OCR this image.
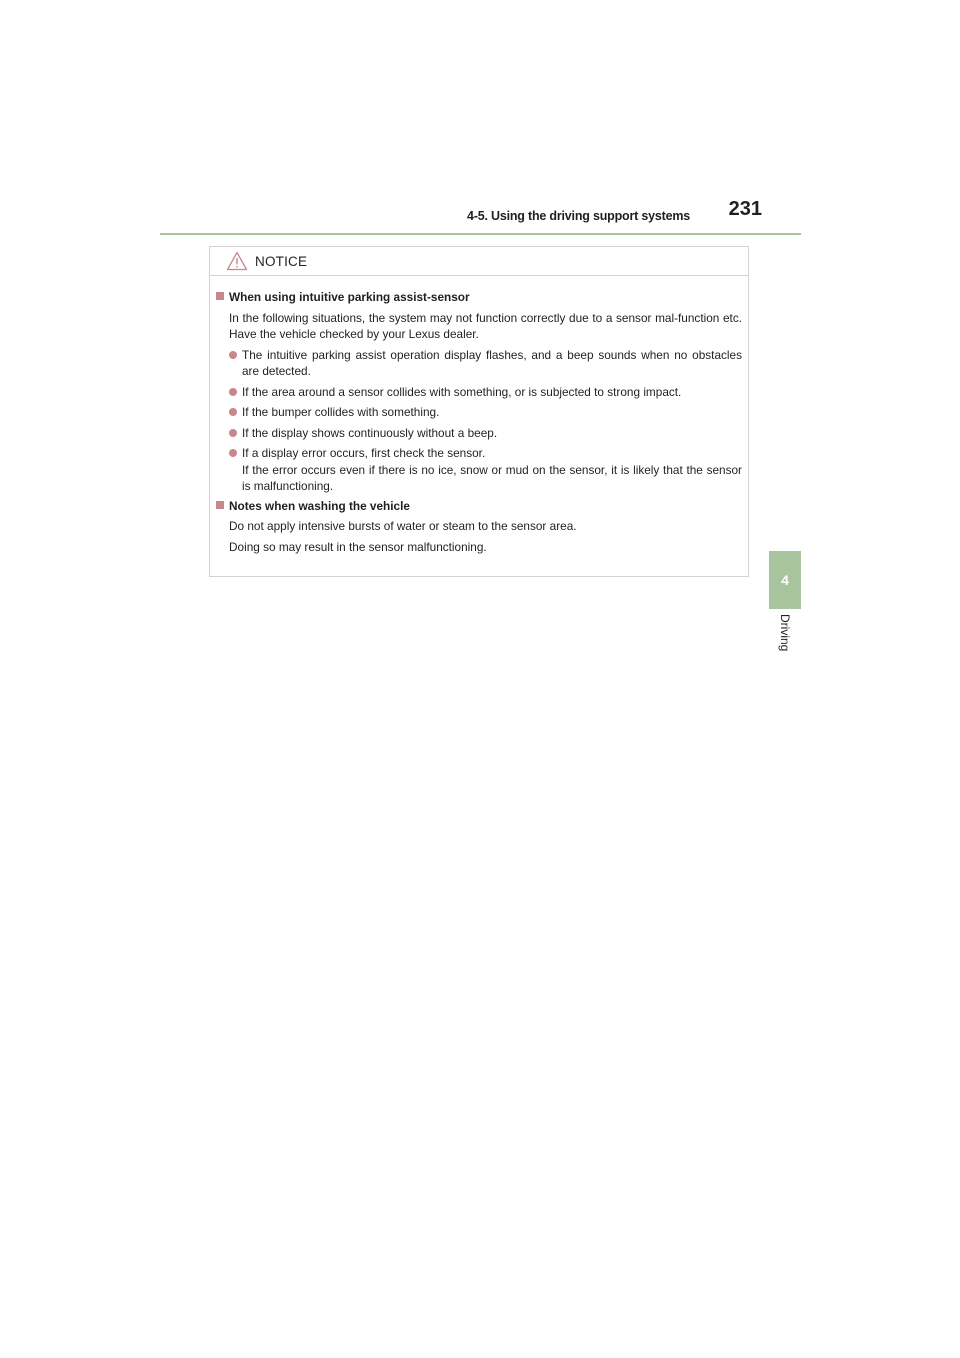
4-5. Using the driving support systems	231
4
Driving
NOTICE
When using intuitive parking assist-sensor
In the following situations, the system may not function correctly due to a sensor mal-function etc. Have the vehicle checked by your Lexus dealer.
The intuitive parking assist operation display flashes, and a beep sounds when no obstacles are detected.
If the area around a sensor collides with something, or is subjected to strong impact.
If the bumper collides with something.
If the display shows continuously without a beep.
If a display error occurs, first check the sensor.
If the error occurs even if there is no ice, snow or mud on the sensor, it is likely that the sensor is malfunctioning.
Notes when washing the vehicle
Do not apply intensive bursts of water or steam to the sensor area.
Doing so may result in the sensor malfunctioning.
